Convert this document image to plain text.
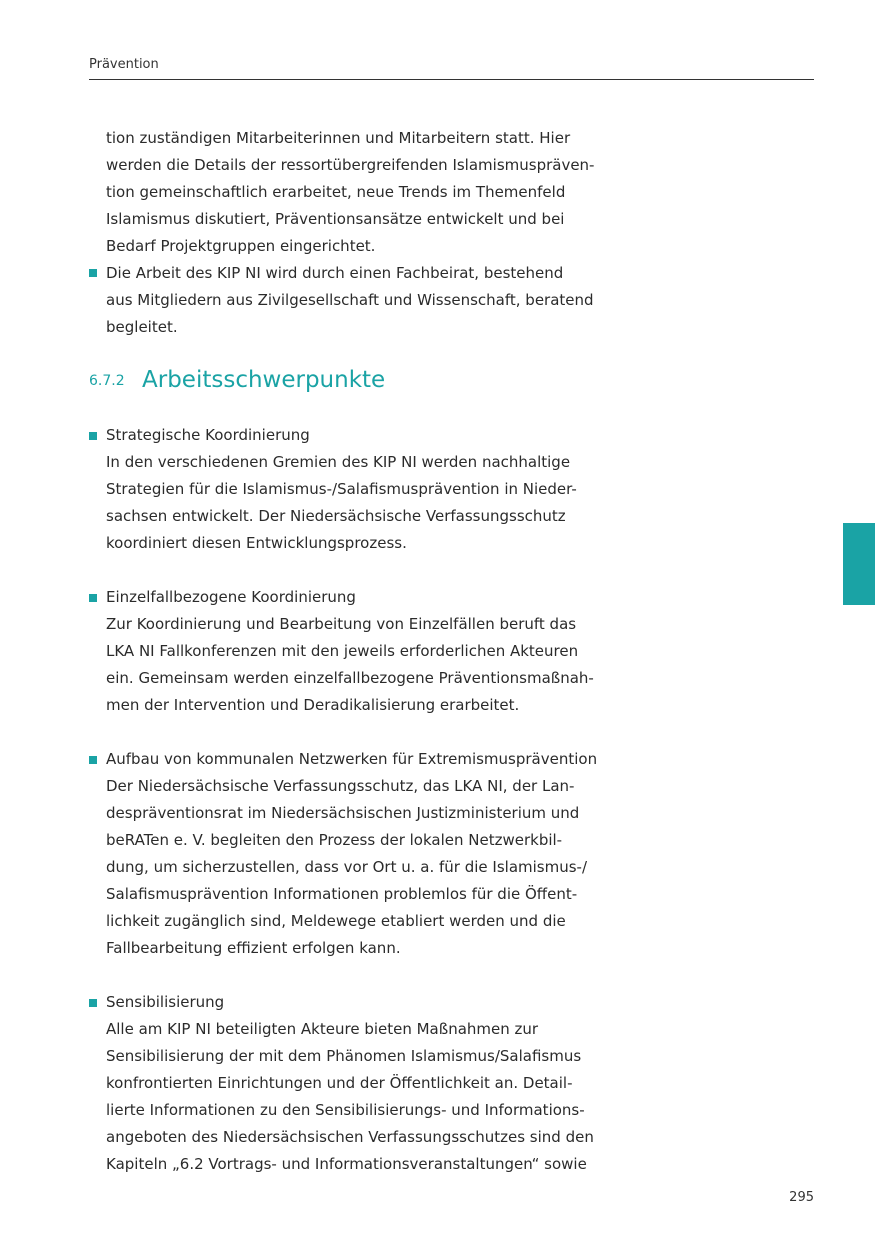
Prävention
tion zuständigen Mitarbeiterinnen und Mitarbeitern statt. Hier
werden die Details der ressortübergreifenden Islamismuspräven-
tion gemeinschaftlich erarbeitet, neue Trends im Themenfeld
Islamismus diskutiert, Präventionsansätze entwickelt und bei
Bedarf Projektgruppen eingerichtet.
Die Arbeit des KIP NI wird durch einen Fachbeirat, bestehend
aus Mitgliedern aus Zivilgesellschaft und Wissenschaft, beratend
begleitet.
6.7.2 Arbeitsschwerpunkte
Strategische Koordinierung
In den verschiedenen Gremien des KIP NI werden nachhaltige
Strategien für die Islamismus-/Salafismusprävention in Nieder-
sachsen entwickelt. Der Niedersächsische Verfassungsschutz
koordiniert diesen Entwicklungsprozess.
Einzelfallbezogene Koordinierung
Zur Koordinierung und Bearbeitung von Einzelfällen beruft das
LKA NI Fallkonferenzen mit den jeweils erforderlichen Akteuren
ein. Gemeinsam werden einzelfallbezogene Präventionsmaßnah-
men der Intervention und Deradikalisierung erarbeitet.
Aufbau von kommunalen Netzwerken für Extremismusprävention
Der Niedersächsische Verfassungsschutz, das LKA NI, der Lan-
despräventionsrat im Niedersächsischen Justizministerium und
beRATen e. V. begleiten den Prozess der lokalen Netzwerkbil-
dung, um sicherzustellen, dass vor Ort u. a. für die Islamismus-/
Salafismusprävention Informationen problemlos für die Öffent-
lichkeit zugänglich sind, Meldewege etabliert werden und die
Fallbearbeitung effizient erfolgen kann.
Sensibilisierung
Alle am KIP NI beteiligten Akteure bieten Maßnahmen zur
Sensibilisierung der mit dem Phänomen Islamismus/Salafismus
konfrontierten Einrichtungen und der Öffentlichkeit an. Detail-
lierte Informationen zu den Sensibilisierungs- und Informations-
angeboten des Niedersächsischen Verfassungsschutzes sind den
Kapiteln „6.2 Vortrags- und Informationsveranstaltungen“ sowie
295
